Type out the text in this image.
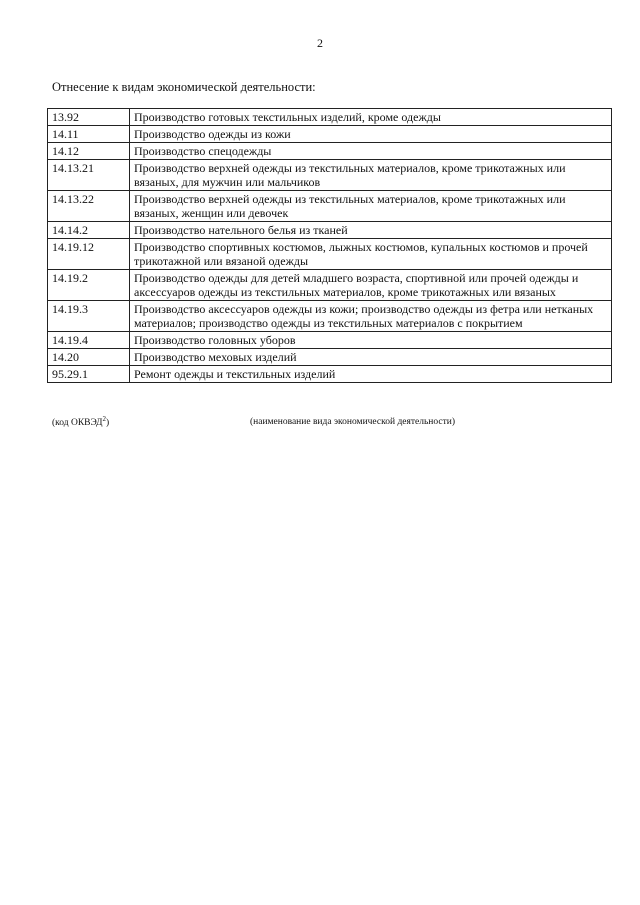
2
Отнесение к видам экономической деятельности:
13.92	Производство готовых текстильных изделий, кроме одежды
14.11	Производство одежды из кожи
14.12	Производство спецодежды
14.13.21	Производство верхней одежды из текстильных материалов, кроме трикотажных или вязаных, для мужчин или мальчиков
14.13.22	Производство верхней одежды из текстильных материалов, кроме трикотажных или вязаных, женщин или девочек
14.14.2	Производство нательного белья из тканей
14.19.12	Производство спортивных костюмов, лыжных костюмов, купальных костюмов и прочей трикотажной или вязаной одежды
14.19.2	Производство одежды для детей младшего возраста, спортивной или прочей одежды и аксессуаров одежды из текстильных материалов, кроме трикотажных или вязаных
14.19.3	Производство аксессуаров одежды из кожи; производство одежды из фетра или нетканых материалов; производство одежды из текстильных материалов с покрытием
14.19.4	Производство головных уборов
14.20	Производство меховых изделий
95.29.1	Ремонт одежды и текстильных изделий
(код ОКВЭД$^2$)	(наименование вида экономической деятельности)
